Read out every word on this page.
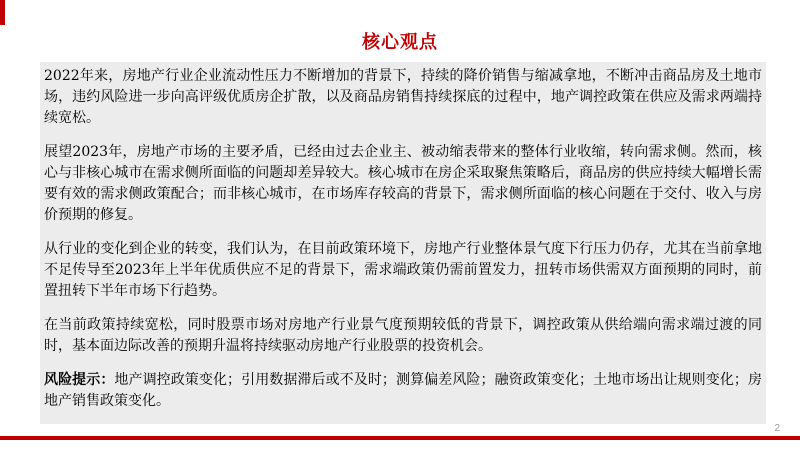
核心观点

2022年来，房地产行业企业流动性压力不断增加的背景下，持续的降价销售与缩减拿地，不断冲击商品房及土地市场，违约风险进一步向高评级优质房企扩散，以及商品房销售持续探底的过程中，地产调控政策在供应及需求两端持续宽松。

展望2023年，房地产市场的主要矛盾，已经由过去企业主、被动缩表带来的整体行业收缩，转向需求侧。然而，核心与非核心城市在需求侧所面临的问题却差异较大。核心城市在房企采取聚焦策略后，商品房的供应持续大幅增长需要有效的需求侧政策配合；而非核心城市，在市场库存较高的背景下，需求侧所面临的核心问题在于交付、收入与房价预期的修复。

从行业的变化到企业的转变，我们认为，在目前政策环境下，房地产行业整体景气度下行压力仍存，尤其在当前拿地不足传导至2023年上半年优质供应不足的背景下，需求端政策仍需前置发力，扭转市场供需双方面预期的同时，前置扭转下半年市场下行趋势。

在当前政策持续宽松，同时股票市场对房地产行业景气度预期较低的背景下，调控政策从供给端向需求端过渡的同时，基本面边际改善的预期升温将持续驱动房地产行业股票的投资机会。

风险提示：地产调控政策变化；引用数据滞后或不及时；测算偏差风险；融资政策变化；土地市场出让规则变化；房地产销售政策变化。

2
